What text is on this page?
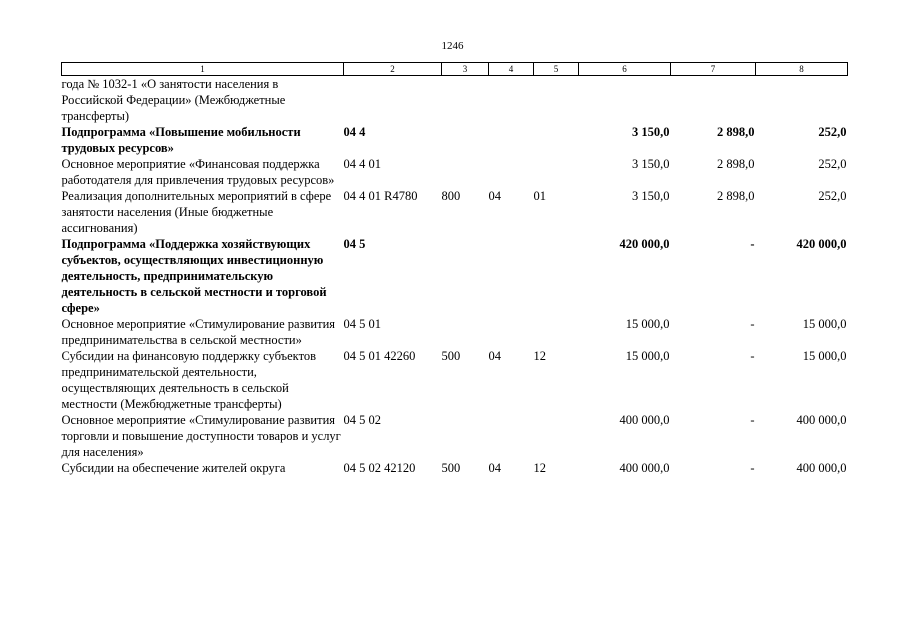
1246
1	2	3	4	5	6	7	8
года № 1032-1 «О занятости населения в Российской Федерации» (Межбюджетные трансферты)							
Подпрограмма «Повышение мобильности трудовых ресурсов»	04 4				3 150,0	2 898,0	252,0
Основное мероприятие «Финансовая поддержка работодателя для привлечения трудовых ресурсов»	04 4 01				3 150,0	2 898,0	252,0
Реализация дополнительных мероприятий в сфере занятости населения (Иные бюджетные ассигнования)	04 4 01 R4780	800	04	01	3 150,0	2 898,0	252,0
Подпрограмма «Поддержка хозяйствующих субъектов, осуществляющих инвестиционную деятельность, предпринимательскую деятельность в сельской местности и торговой сфере»	04 5				420 000,0	-	420 000,0
Основное мероприятие «Стимулирование развития предпринимательства в сельской местности»	04 5 01				15 000,0	-	15 000,0
Субсидии на финансовую поддержку субъектов предпринимательской деятельности, осуществляющих деятельность в сельской местности (Межбюджетные трансферты)	04 5 01 42260	500	04	12	15 000,0	-	15 000,0
Основное мероприятие «Стимулирование развития торговли и повышение доступности товаров и услуг для населения»	04 5 02				400 000,0	-	400 000,0
Субсидии на обеспечение жителей округа	04 5 02 42120	500	04	12	400 000,0	-	400 000,0
